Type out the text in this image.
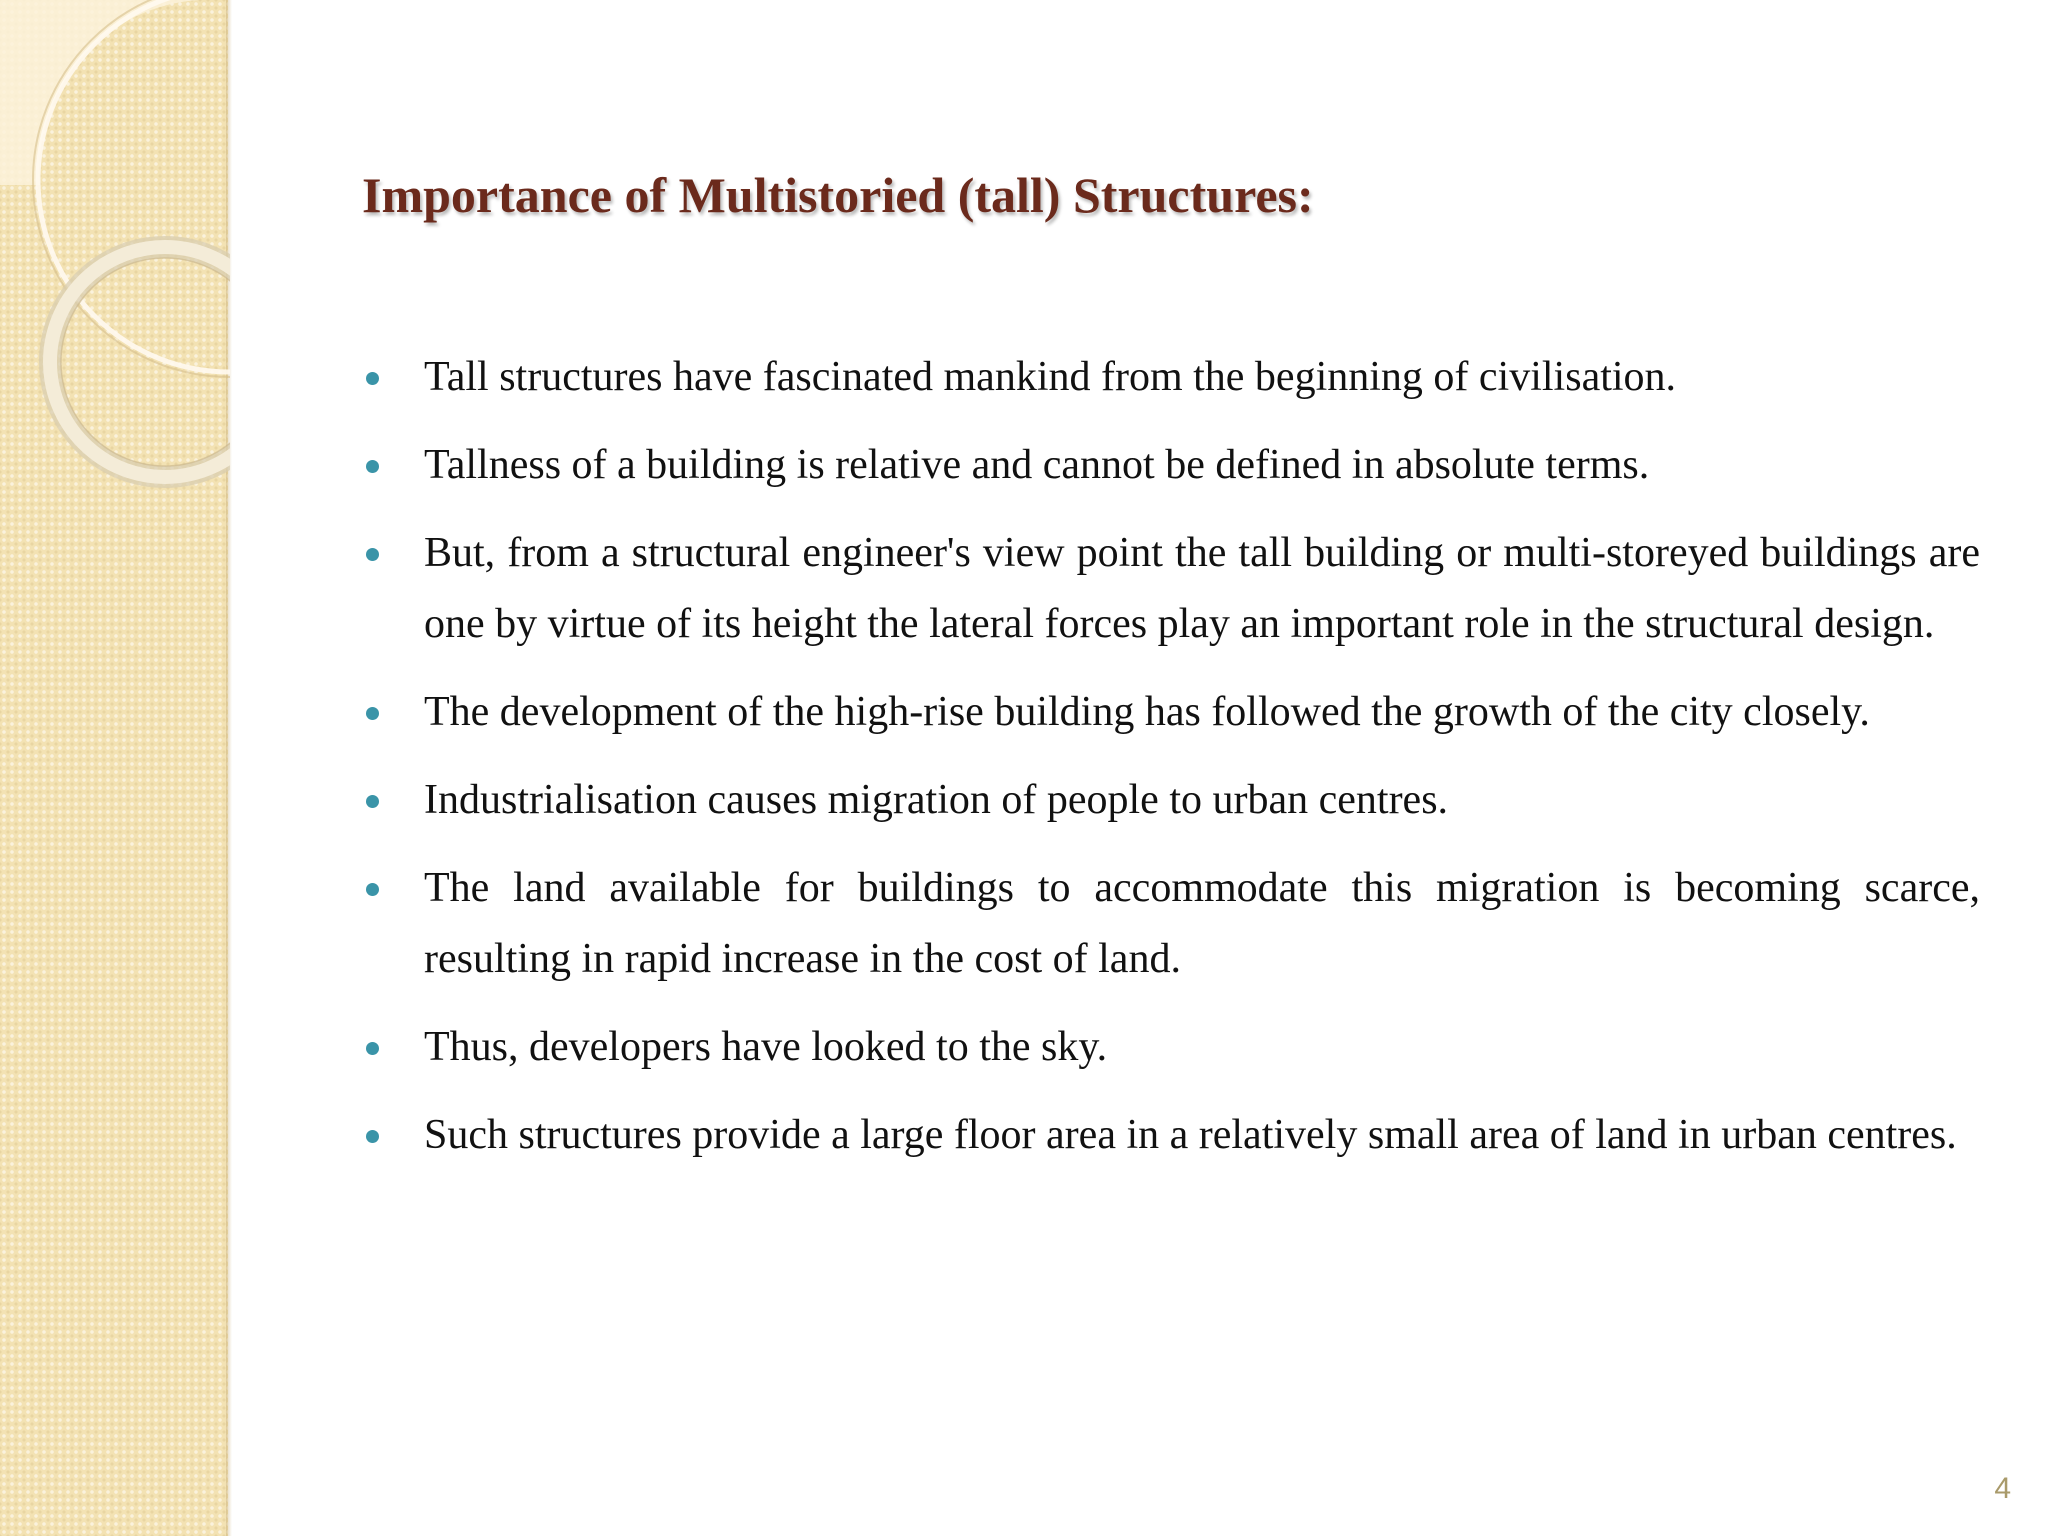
Importance of Multistoried (tall) Structures:
Tall structures have fascinated mankind from the beginning of civilisation.
Tallness of a building is relative and cannot be defined in absolute terms.
But, from a structural engineer's view point the tall building or multi-storeyed buildings are one by virtue of its height the lateral forces play an important role in the structural design.
The development of the high-rise building has followed the growth of the city closely.
Industrialisation causes migration of people to urban centres.
The land available for buildings to accommodate this migration is becoming scarce, resulting in rapid increase in the cost of land.
Thus, developers have looked to the sky.
Such structures provide a large floor area in a relatively small area of land in urban centres.
4
